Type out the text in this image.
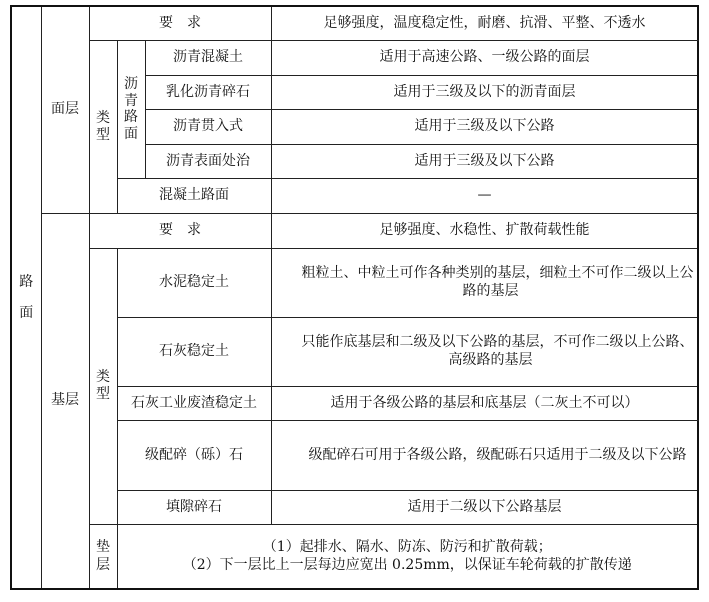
路面	面层	要　求			足够强度，温度稳定性，耐磨、抗滑、平整、不透水
		类型	沥青路面	沥青混凝土	适用于高速公路、一级公路的面层
				乳化沥青碎石	适用于三级及以下的沥青面层
				沥青贯入式	适用于三级及以下公路
				沥青表面处治	适用于三级及以下公路
			混凝土路面		—
	基层	要　求			足够强度、水稳性、扩散荷载性能
		类型	水泥稳定土		粗粒土、中粒土可作各种类别的基层，细粒土不可作二级以上公路的基层
			石灰稳定土		只能作底基层和二级及以下公路的基层，不可作二级以上公路、高级路的基层
			石灰工业废渣稳定土		适用于各级公路的基层和底基层（二灰土不可以）
			级配碎（砾）石		级配碎石可用于各级公路，级配砾石只适用于二级及以下公路
			填隙碎石		适用于二级以下公路基层
		垫层	（1）起排水、隔水、防冻、防污和扩散荷载；
（2）下一层比上一层每边应宽出 0.25mm，以保证车轮荷载的扩散传递		
